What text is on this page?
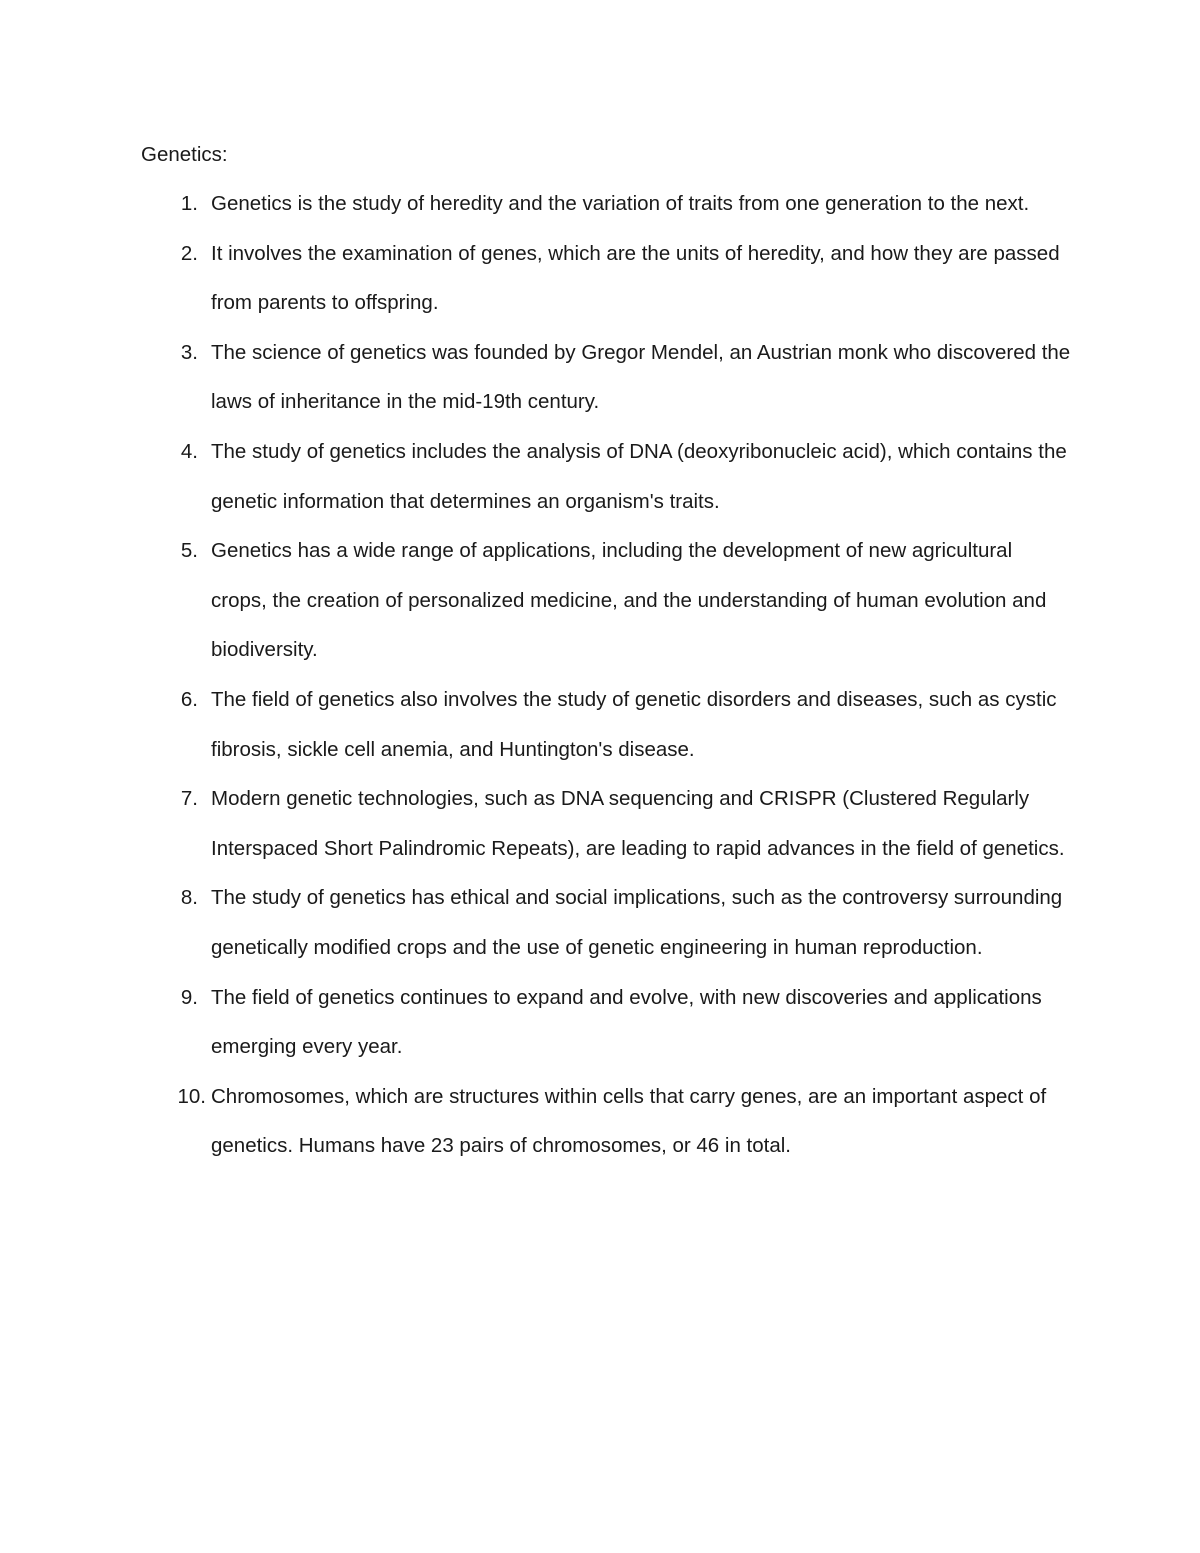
Genetics:
1. Genetics is the study of heredity and the variation of traits from one generation to the next.
2. It involves the examination of genes, which are the units of heredity, and how they are passed from parents to offspring.
3. The science of genetics was founded by Gregor Mendel, an Austrian monk who discovered the laws of inheritance in the mid-19th century.
4. The study of genetics includes the analysis of DNA (deoxyribonucleic acid), which contains the genetic information that determines an organism's traits.
5. Genetics has a wide range of applications, including the development of new agricultural crops, the creation of personalized medicine, and the understanding of human evolution and biodiversity.
6. The field of genetics also involves the study of genetic disorders and diseases, such as cystic fibrosis, sickle cell anemia, and Huntington's disease.
7. Modern genetic technologies, such as DNA sequencing and CRISPR (Clustered Regularly Interspaced Short Palindromic Repeats), are leading to rapid advances in the field of genetics.
8. The study of genetics has ethical and social implications, such as the controversy surrounding genetically modified crops and the use of genetic engineering in human reproduction.
9. The field of genetics continues to expand and evolve, with new discoveries and applications emerging every year.
10. Chromosomes, which are structures within cells that carry genes, are an important aspect of genetics. Humans have 23 pairs of chromosomes, or 46 in total.
